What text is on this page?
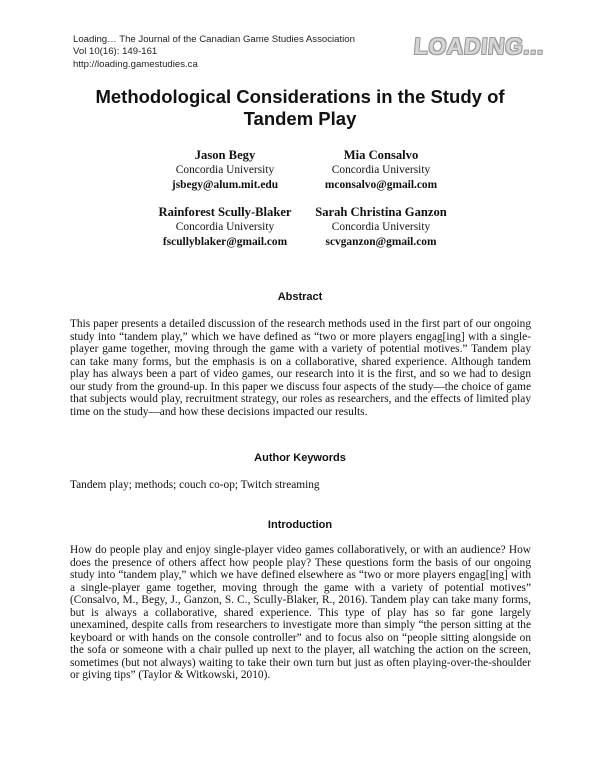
Loading… The Journal of the Canadian Game Studies Association
Vol 10(16): 149-161
http://loading.gamestudies.ca
LOADING...
Methodological Considerations in the Study of Tandem Play
Jason Begy
Concordia University
jsbegy@alum.mit.edu
Mia Consalvo
Concordia University
mconsalvo@gmail.com
Rainforest Scully-Blaker
Concordia University
fscullyblaker@gmail.com
Sarah Christina Ganzon
Concordia University
scvganzon@gmail.com
Abstract

This paper presents a detailed discussion of the research methods used in the first part of our ongoing study into “tandem play,” which we have defined as “two or more players engag[ing] with a single-player game together, moving through the game with a variety of potential motives.” Tandem play can take many forms, but the emphasis is on a collaborative, shared experience. Although tandem play has always been a part of video games, our research into it is the first, and so we had to design our study from the ground-up. In this paper we discuss four aspects of the study—the choice of game that subjects would play, recruitment strategy, our roles as researchers, and the effects of limited play time on the study—and how these decisions impacted our results.

Author Keywords

Tandem play; methods; couch co-op; Twitch streaming

Introduction

How do people play and enjoy single-player video games collaboratively, or with an audience? How does the presence of others affect how people play? These questions form the basis of our ongoing study into “tandem play,” which we have defined elsewhere as “two or more players engag[ing] with a single-player game together, moving through the game with a variety of potential motives” (Consalvo, M., Begy, J., Ganzon, S. C., Scully-Blaker, R., 2016). Tandem play can take many forms, but is always a collaborative, shared experience. This type of play has so far gone largely unexamined, despite calls from researchers to investigate more than simply “the person sitting at the keyboard or with hands on the console controller” and to focus also on “people sitting alongside on the sofa or someone with a chair pulled up next to the player, all watching the action on the screen, sometimes (but not always) waiting to take their own turn but just as often playing-over-the-shoulder or giving tips” (Taylor & Witkowski, 2010).
